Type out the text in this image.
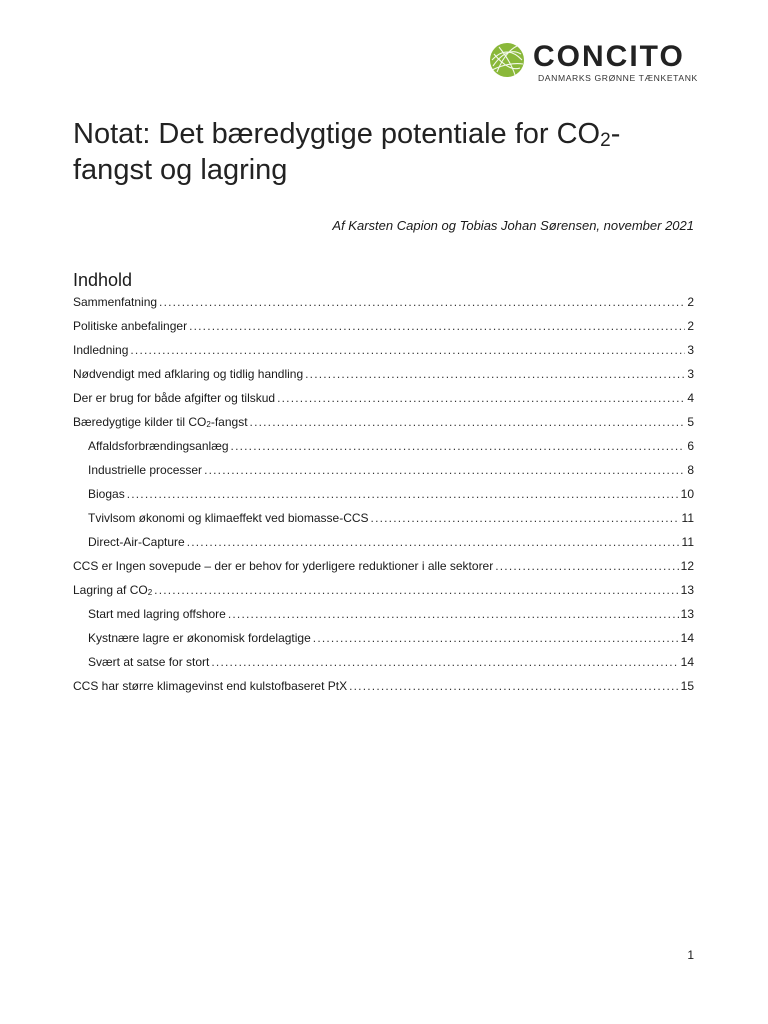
CONCITO
DANMARKS GRØNNE TÆNKETANK
Notat: Det bæredygtige potentiale for $CO_2$-fangst og lagring
Af Karsten Capion og Tobias Johan Sørensen, november 2021
Indhold
Sammenfatning .....	2
Politiske anbefalinger .....	2
Indledning .....	3
Nødvendigt med afklaring og tidlig handling .....	3
Der er brug for både afgifter og tilskud .....	4
Bæredygtige kilder til $CO_2$-fangst .....	5
Affaldsforbrændingsanlæg .....	6
Industrielle processer .....	8
Biogas .....	10
Tvivlsom økonomi og klimaeffekt ved biomasse-CCS .....	11
Direct-Air-Capture .....	11
CCS er Ingen sovepude – der er behov for yderligere reduktioner i alle sektorer .....	12
Lagring af $CO_2$ .....	13
Start med lagring offshore .....	13
Kystnære lagre er økonomisk fordelagtige .....	14
Svært at satse for stort .....	14
CCS har større klimagevinst end kulstofbaseret PtX .....	15
1
